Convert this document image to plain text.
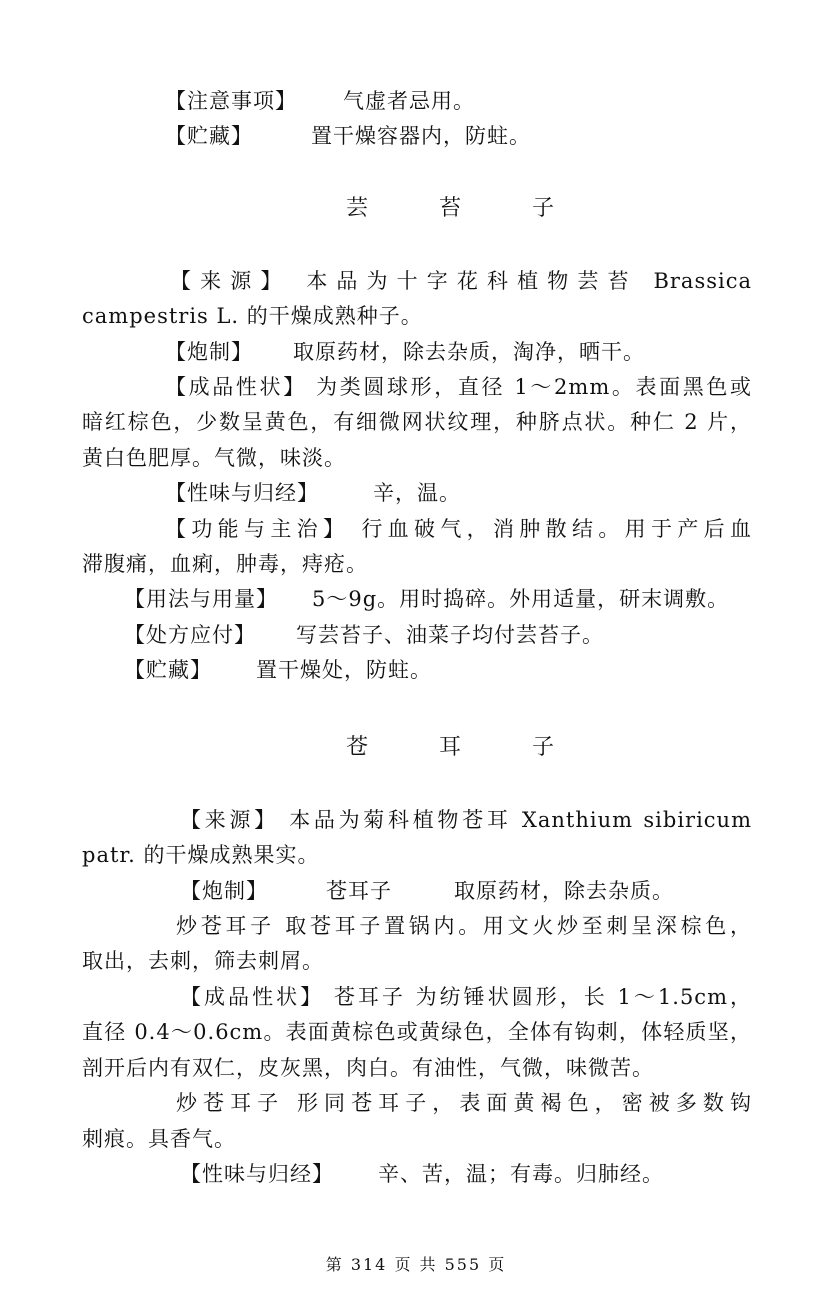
【注意事项】 气虚者忌用。
【贮藏】	置干燥容器内，防蛀。
芸 苔 子
【来源】 本品为十字花科植物芸苔 Brassica
campestris L. 的干燥成熟种子。
【炮制】 取原药材，除去杂质，淘净，晒干。
【成品性状】 为类圆球形，直径 1～2mm。表面黑色或
暗红棕色，少数呈黄色，有细微网状纹理，种脐点状。种仁 2 片，
黄白色肥厚。气微，味淡。
【性味与归经】	辛，温。
【功能与主治】 行血破气，消肿散结。用于产后血
滞腹痛，血痢，肿毒，痔疮。
【用法与用量】 5～9g。用时捣碎。外用适量，研末调敷。
【处方应付】 写芸苔子、油菜子均付芸苔子。
【贮藏】 置干燥处，防蛀。
苍 耳 子
【来源】 本品为菊科植物苍耳 Xanthium sibiricum
patr. 的干燥成熟果实。
【炮制】	苍耳子	取原药材，除去杂质。
炒苍耳子 取苍耳子置锅内。用文火炒至刺呈深棕色，
取出，去刺，筛去刺屑。
【成品性状】 苍耳子 为纺锤状圆形，长 1～1.5cm，
直径 0.4～0.6cm。表面黄棕色或黄绿色，全体有钩刺，体轻质坚，
剖开后内有双仁，皮灰黑，肉白。有油性，气微，味微苦。
炒苍耳子 形同苍耳子，表面黄褐色，密被多数钩
刺痕。具香气。
【性味与归经】 辛、苦，温；有毒。归肺经。
第 314 页 共 555 页
